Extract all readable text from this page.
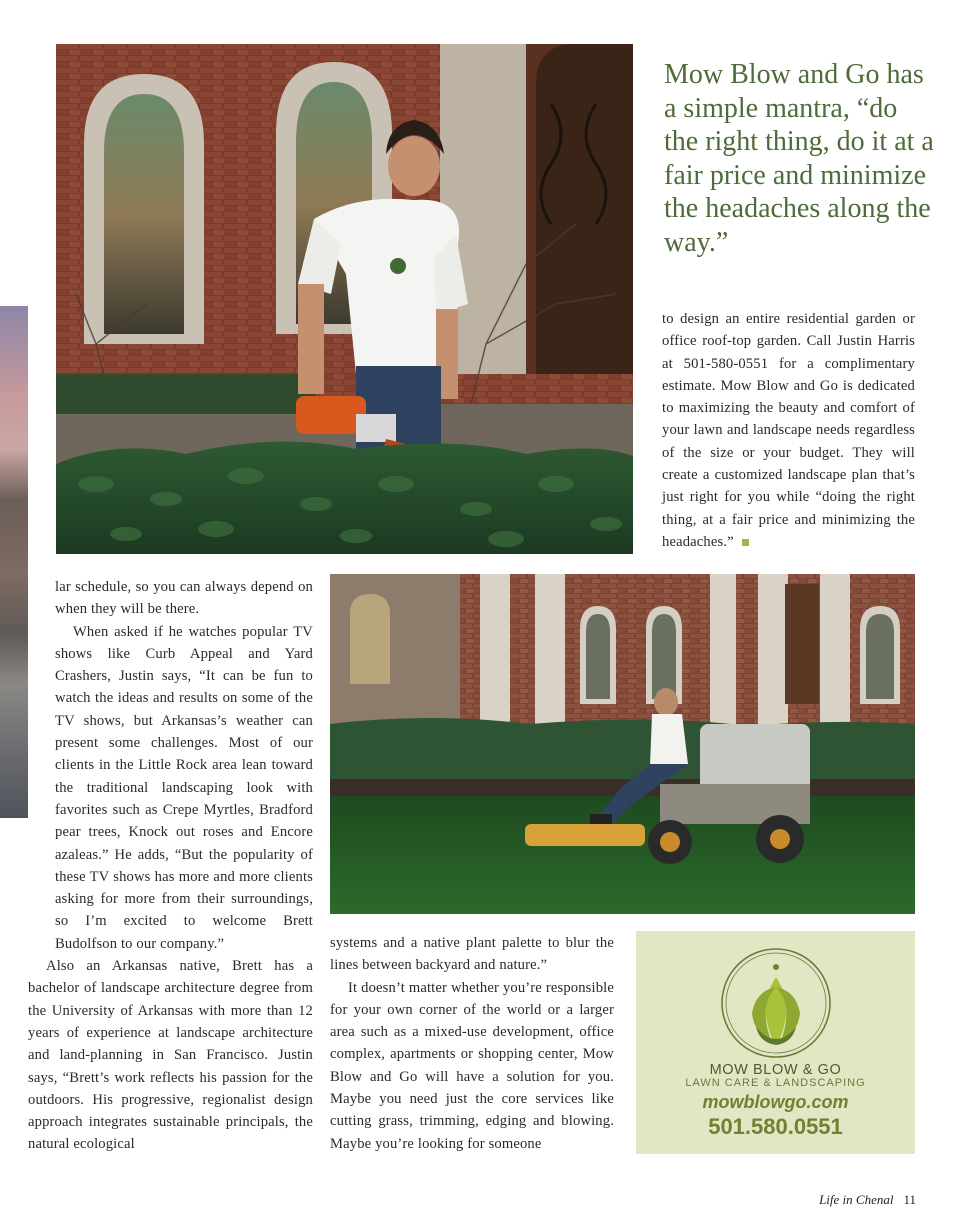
Mow Blow and Go has a simple mantra, “do the right thing, do it at a fair price and minimize the headaches along the way.”

to design an entire residential garden or office roof-top garden. Call Justin Harris at 501-580-0551 for a complimentary estimate. Mow Blow and Go is dedicated to maximizing the beauty and comfort of your lawn and landscape needs regardless of the size or your budget. They will create a customized landscape plan that’s just right for you while “doing the right thing, at a fair price and minimizing the headaches.”

lar schedule, so you can always depend on when they will be there.

When asked if he watches popular TV shows like Curb Appeal and Yard Crashers, Justin says, “It can be fun to watch the ideas and results on some of the TV shows, but Arkansas’s weather can present some challenges. Most of our clients in the Little Rock area lean toward the traditional landscaping look with favorites such as Crepe Myrtles, Bradford pear trees, Knock out roses and Encore azaleas.” He adds, “But the popularity of these TV shows has more and more clients asking for more from their surroundings, so I’m excited to welcome Brett Budolfson to our company.”

Also an Arkansas native, Brett has a bachelor of landscape architecture degree from the University of Arkansas with more than 12 years of experience at landscape architecture and land-planning in San Francisco. Justin says, “Brett’s work reflects his passion for the outdoors. His progressive, regionalist design approach integrates sustainable principals, the natural ecological

systems and a native plant palette to blur the lines between backyard and nature.”

It doesn’t matter whether you’re responsible for your own corner of the world or a larger area such as a mixed-use development, office complex, apartments or shopping center, Mow Blow and Go will have a solution for you. Maybe you need just the core services like cutting grass, trimming, edging and blowing. Maybe you’re looking for someone

MOW BLOW & GO
LAWN CARE & LANDSCAPING
mowblowgo.com
501.580.0551
Life in Chenal 11
